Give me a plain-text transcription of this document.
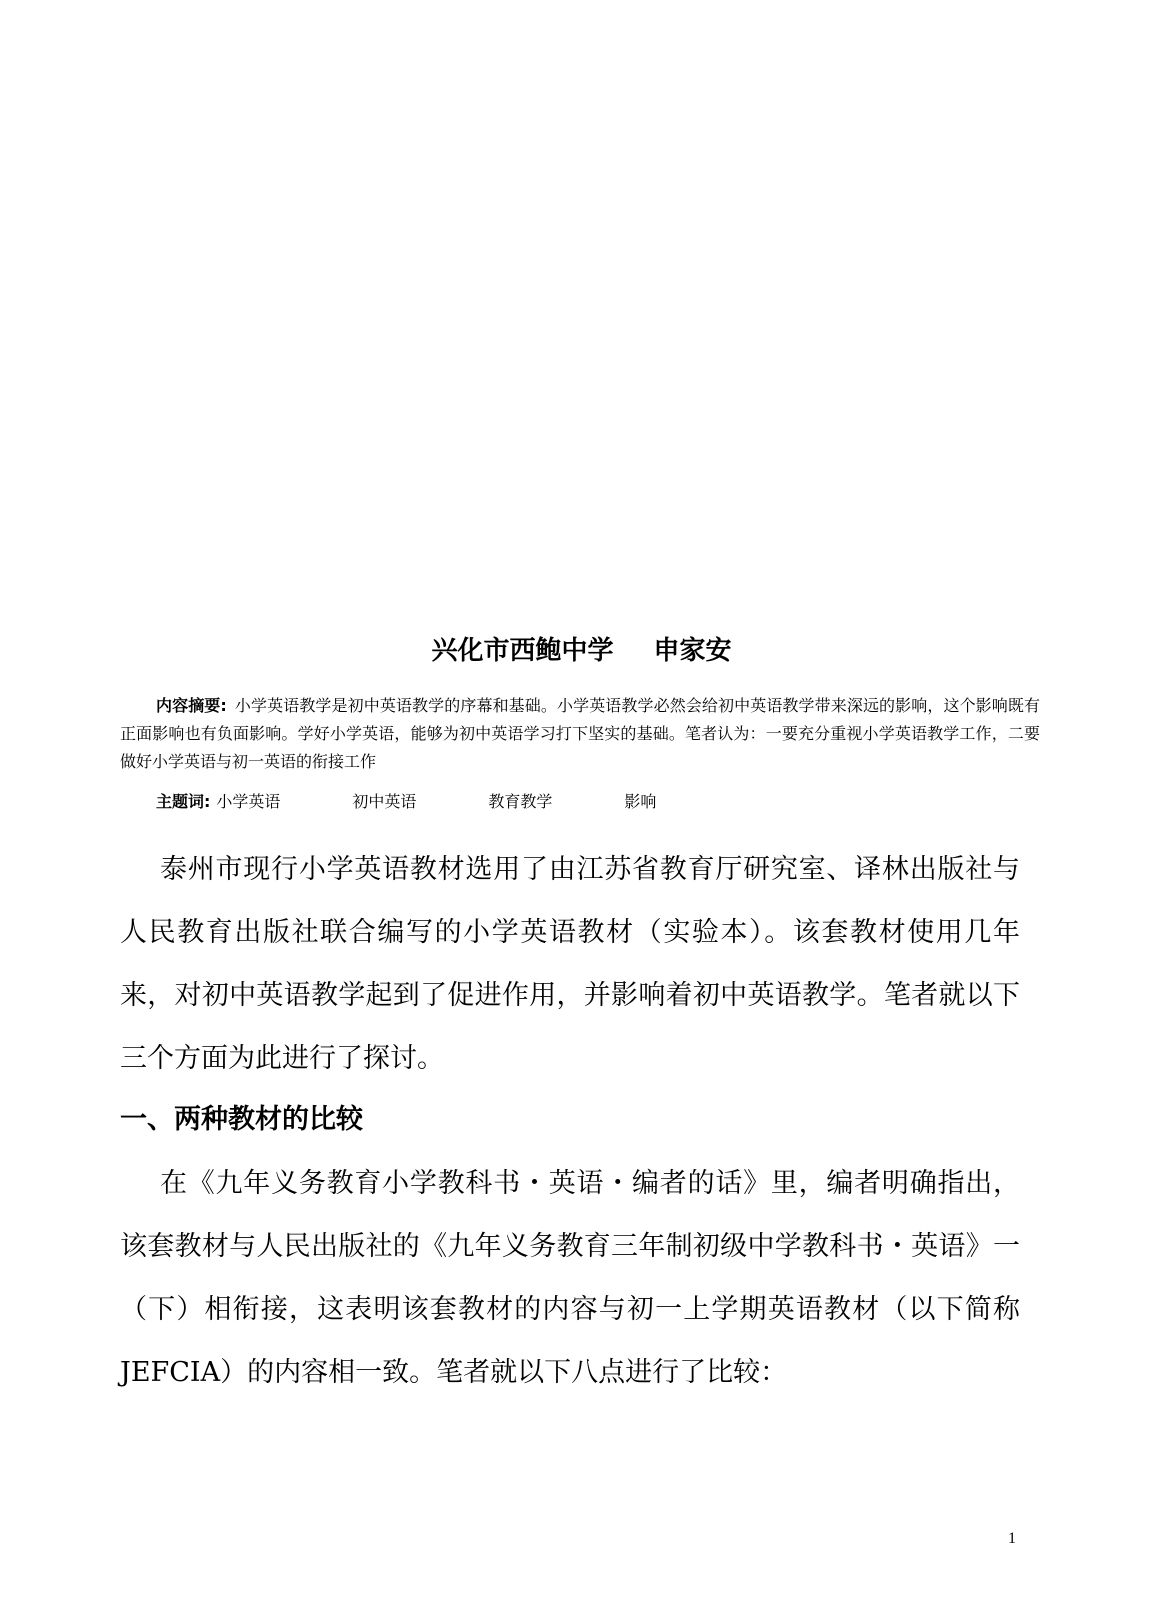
兴化市西鲍中学 申家安
内容摘要: 小学英语教学是初中英语教学的序幕和基础。小学英语教学必然会给初中英语教学带来深远的影响，这个影响既有正面影响也有负面影响。学好小学英语，能够为初中英语学习打下坚实的基础。笔者认为：一要充分重视小学英语教学工作，二要做好小学英语与初一英语的衔接工作
主题词: 小学英语	初中英语	教育教学	影响

泰州市现行小学英语教材选用了由江苏省教育厅研究室、译林出版社与人民教育出版社联合编写的小学英语教材（实验本）。该套教材使用几年来，对初中英语教学起到了促进作用，并影响着初中英语教学。笔者就以下三个方面为此进行了探讨。

一、两种教材的比较

在《九年义务教育小学教科书・英语・编者的话》里，编者明确指出，该套教材与人民出版社的《九年义务教育三年制初级中学教科书・英语》一（下）相衔接，这表明该套教材的内容与初一上学期英语教材（以下简称 JEFCIA）的内容相一致。笔者就以下八点进行了比较：

1
